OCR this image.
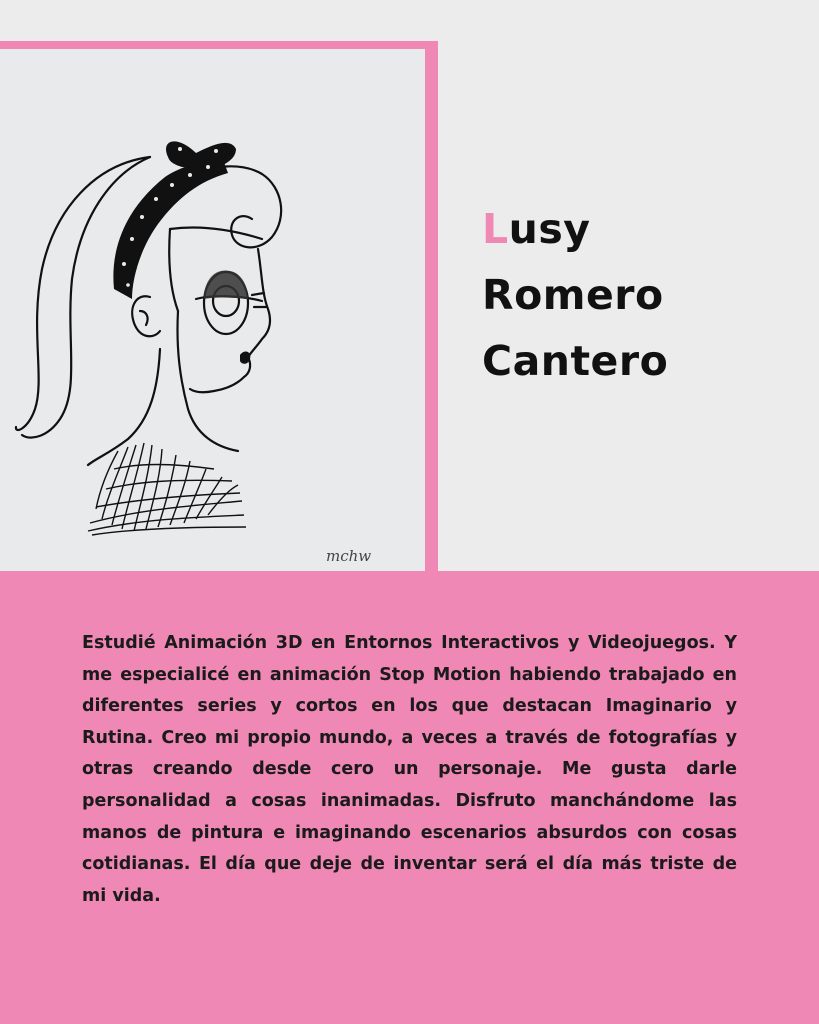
mchw
Lusy
Romero
Cantero

Estudié Animación 3D en Entornos Interactivos y Videojuegos. Y me especialicé en animación Stop Motion habiendo trabajado en diferentes series y cortos en los que destacan Imaginario y Rutina. Creo mi propio mundo, a veces a través de fotografías y otras creando desde cero un personaje. Me gusta darle personalidad a cosas inanimadas. Disfruto manchándome las manos de pintura e imaginando escenarios absurdos con cosas cotidianas. El día que deje de inventar será el día más triste de mi vida.
